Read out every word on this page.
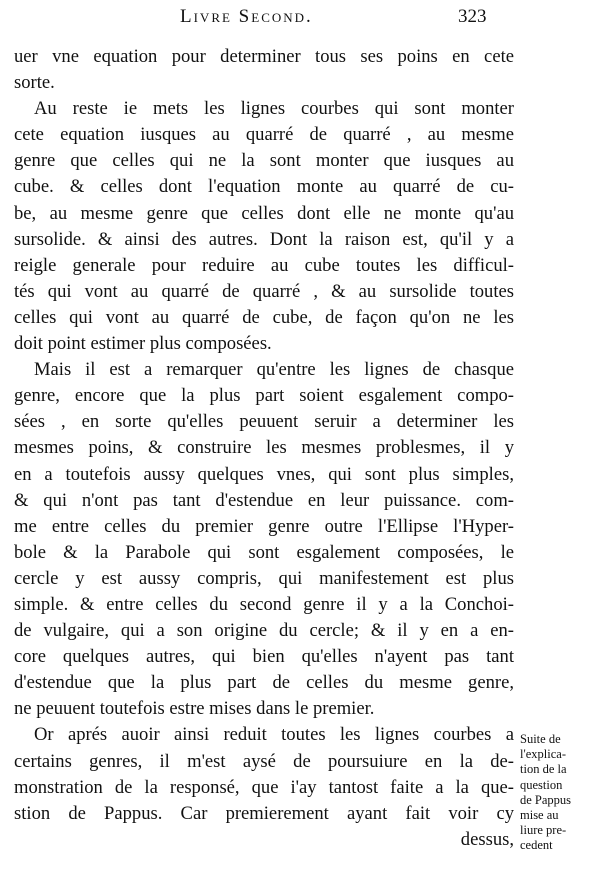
Livre Second.	323
uer vne equation pour determiner tous ses poins en cete
sorte.
Au reste ie mets les lignes courbes qui sont monter
cete equation iusques au quarré de quarré , au mesme
genre que celles qui ne la sont monter que iusques au
cube. & celles dont l'equation monte au quarré de cu-
be, au mesme genre que celles dont elle ne monte qu'au
sursolide. & ainsi des autres. Dont la raison est, qu'il y a
reigle generale pour reduire au cube toutes les difficul-
tés qui vont au quarré de quarré , & au sursolide toutes
celles qui vont au quarré de cube, de façon qu'on ne les
doit point estimer plus composées.
Mais il est a remarquer qu'entre les lignes de chasque
genre, encore que la plus part soient esgalement compo-
sées , en sorte qu'elles peuuent seruir a determiner les
mesmes poins, & construire les mesmes problesmes, il y
en a toutefois aussy quelques vnes, qui sont plus simples,
& qui n'ont pas tant d'estendue en leur puissance. com-
me entre celles du premier genre outre l'Ellipse l'Hyper-
bole & la Parabole qui sont esgalement composées, le
cercle y est aussy compris, qui manifestement est plus
simple. & entre celles du second genre il y a la Conchoi-
de vulgaire, qui a son origine du cercle; & il y en a en-
core quelques autres, qui bien qu'elles n'ayent pas tant
d'estendue que la plus part de celles du mesme genre,
ne peuuent toutefois estre mises dans le premier.
Or aprés auoir ainsi reduit toutes les lignes courbes a
certains genres, il m'est aysé de poursuiure en la de-
monstration de la responsé, que i'ay tantost faite a la que-
stion de Pappus. Car premierement ayant fait voir cy
dessus,
Suite de
l'explica-
tion de la
question
de Pappus
mise au
liure pre-
cedent
